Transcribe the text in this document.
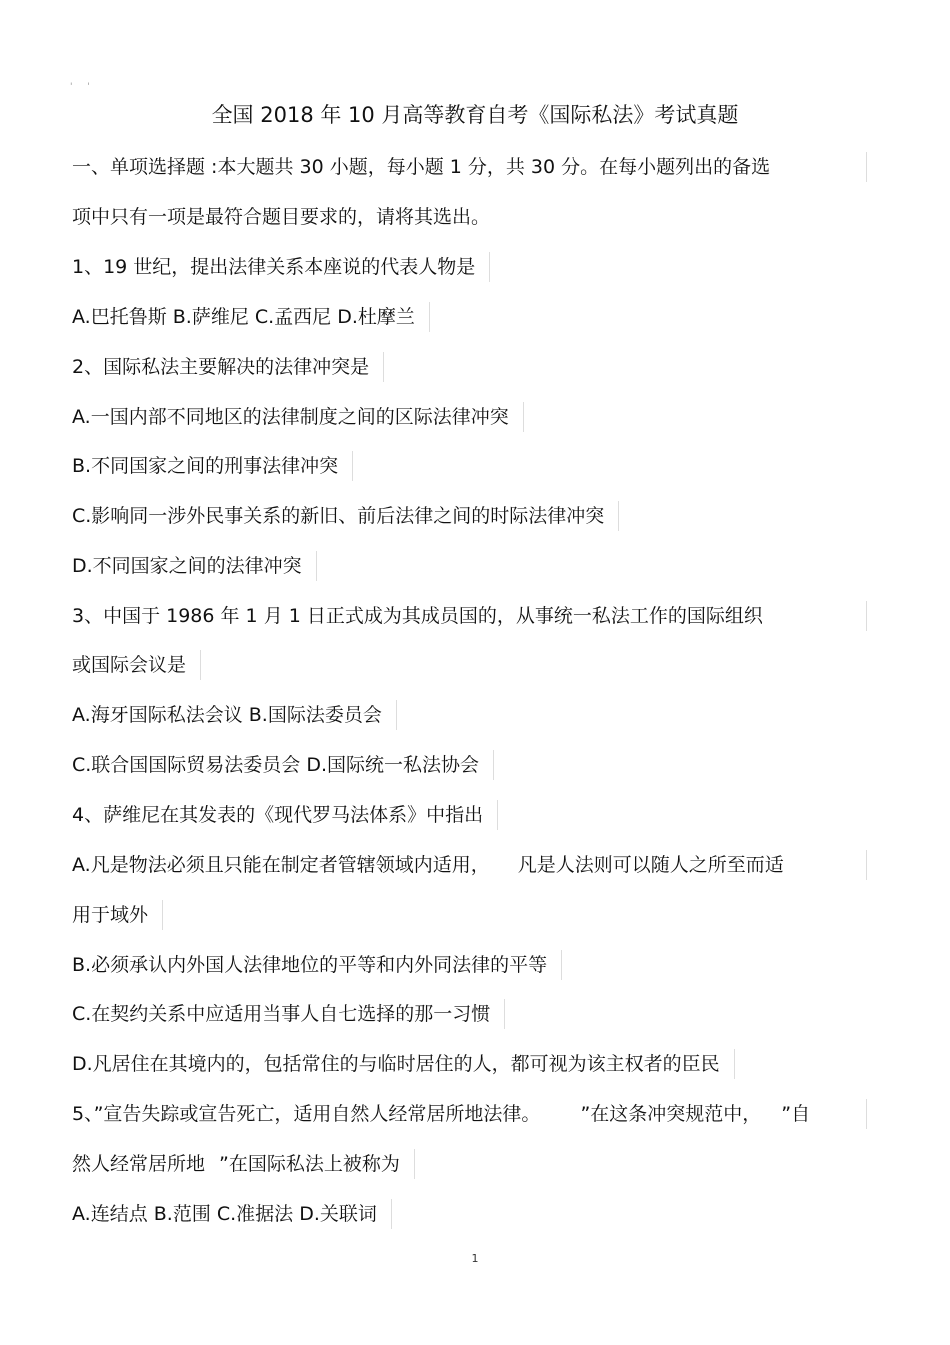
' '
全国 2018 年 10 月高等教育自考《国际私法》考试真题
一、单项选择题 :本大题共 30 小题，每小题 1 分，共 30 分。在每小题列出的备选
项中只有一项是最符合题目要求的，请将其选出。
1、19 世纪，提出法律关系本座说的代表人物是
A.巴托鲁斯 B.萨维尼 C.孟西尼 D.杜摩兰
2、国际私法主要解决的法律冲突是
A.一国内部不同地区的法律制度之间的区际法律冲突
B.不同国家之间的刑事法律冲突
C.影响同一涉外民事关系的新旧、前后法律之间的时际法律冲突
D.不同国家之间的法律冲突
3、中国于 1986 年 1 月 1 日正式成为其成员国的，从事统一私法工作的国际组织
或国际会议是
A.海牙国际私法会议 B.国际法委员会
C.联合国国际贸易法委员会 D.国际统一私法协会
4、萨维尼在其发表的《现代罗马法体系》中指出
A.凡是物法必须且只能在制定者管辖领域内适用， 凡是人法则可以随人之所至而适
用于域外
B.必须承认内外国人法律地位的平等和内外同法律的平等
C.在契约关系中应适用当事人自七选择的那一习惯
D.凡居住在其境内的，包括常住的与临时居住的人，都可视为该主权者的臣民
5、”宣告失踪或宣告死亡，适用自然人经常居所地法律。 ”在这条冲突规范中， ”自
然人经常居所地 ”在国际私法上被称为
A.连结点 B.范围 C.准据法 D.关联词
1
